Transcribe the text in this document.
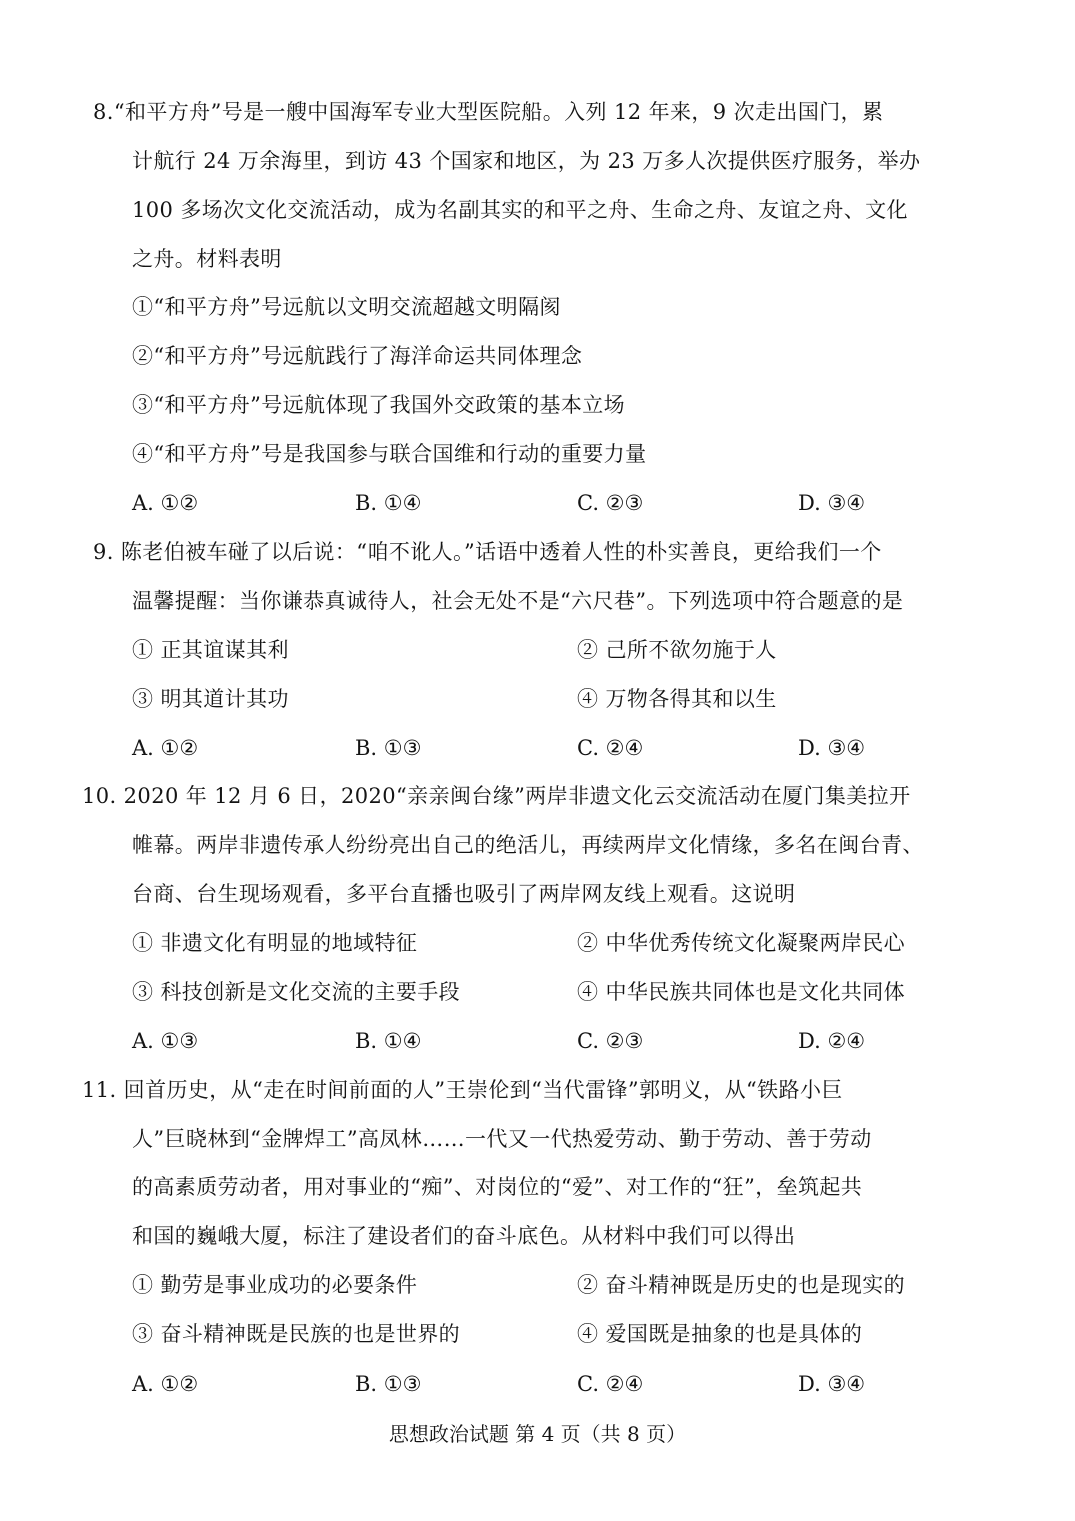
8.“和平方舟”号是一艘中国海军专业大型医院船。入列 12 年来，9 次走出国门，累
计航行 24 万余海里，到访 43 个国家和地区，为 23 万多人次提供医疗服务，举办
100 多场次文化交流活动，成为名副其实的和平之舟、生命之舟、友谊之舟、文化
之舟。材料表明
①“和平方舟”号远航以文明交流超越文明隔阂
②“和平方舟”号远航践行了海洋命运共同体理念
③“和平方舟”号远航体现了我国外交政策的基本立场
④“和平方舟”号是我国参与联合国维和行动的重要力量
A. ①②	B. ①④	C. ②③	D. ③④
9. 陈老伯被车碰了以后说：“咱不讹人。”话语中透着人性的朴实善良，更给我们一个
温馨提醒：当你谦恭真诚待人，社会无处不是“六尺巷”。下列选项中符合题意的是
① 正其谊谋其利	② 己所不欲勿施于人
③ 明其道计其功	④ 万物各得其和以生
A. ①②	B. ①③	C. ②④	D. ③④
10. 2020 年 12 月 6 日，2020“亲亲闽台缘”两岸非遗文化云交流活动在厦门集美拉开
帷幕。两岸非遗传承人纷纷亮出自己的绝活儿，再续两岸文化情缘，多名在闽台青、
台商、台生现场观看，多平台直播也吸引了两岸网友线上观看。这说明
① 非遗文化有明显的地域特征	② 中华优秀传统文化凝聚两岸民心
③ 科技创新是文化交流的主要手段	④ 中华民族共同体也是文化共同体
A. ①③	B. ①④	C. ②③	D. ②④
11. 回首历史，从“走在时间前面的人”王崇伦到“当代雷锋”郭明义，从“铁路小巨
人”巨晓林到“金牌焊工”高凤林……一代又一代热爱劳动、勤于劳动、善于劳动
的高素质劳动者，用对事业的“痴”、对岗位的“爱”、对工作的“狂”，垒筑起共
和国的巍峨大厦，标注了建设者们的奋斗底色。从材料中我们可以得出
① 勤劳是事业成功的必要条件	② 奋斗精神既是历史的也是现实的
③ 奋斗精神既是民族的也是世界的	④ 爱国既是抽象的也是具体的
A. ①②	B. ①③	C. ②④	D. ③④
思想政治试题 第 4 页（共 8 页）
